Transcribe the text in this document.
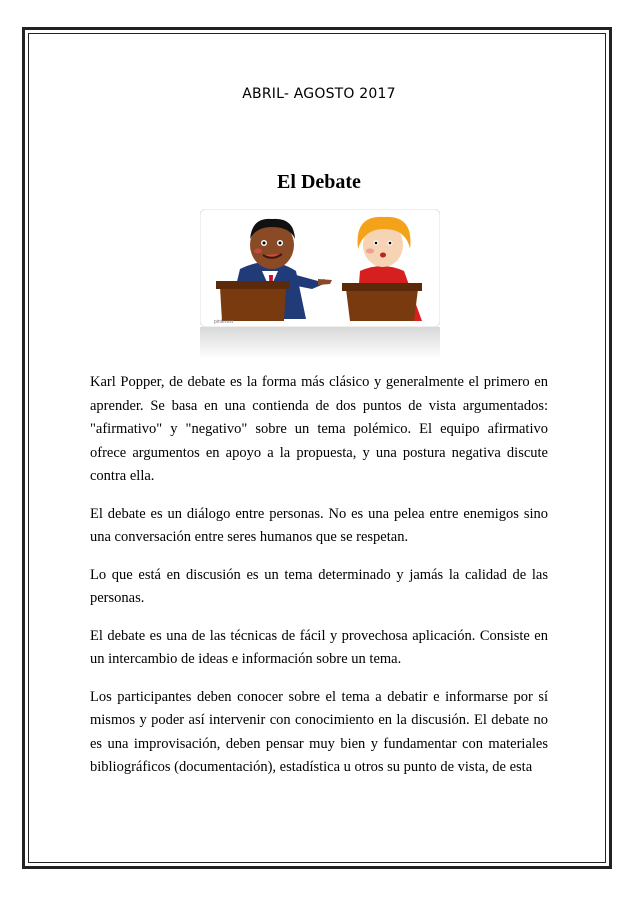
ABRIL- AGOSTO 2017
El Debate
pinterest

Karl Popper, de debate es la forma más clásico y generalmente el primero en aprender. Se basa en una contienda de dos puntos de vista argumentados: "afirmativo" y "negativo" sobre un tema polémico. El equipo afirmativo ofrece argumentos en apoyo a la propuesta, y una postura negativa discute contra ella.

El debate es un diálogo entre personas. No es una pelea entre enemigos sino una conversación entre seres humanos que se respetan.

Lo que está en discusión es un tema determinado y jamás la calidad de las personas.

El debate es una de las técnicas de fácil y provechosa aplicación. Consiste en un intercambio de ideas e información sobre un tema.

Los participantes deben conocer sobre el tema a debatir e informarse por sí mismos y poder así intervenir con conocimiento en la discusión. El debate no es una improvisación, deben pensar muy bien y fundamentar con materiales bibliográficos (documentación), estadística u otros su punto de vista, de esta
